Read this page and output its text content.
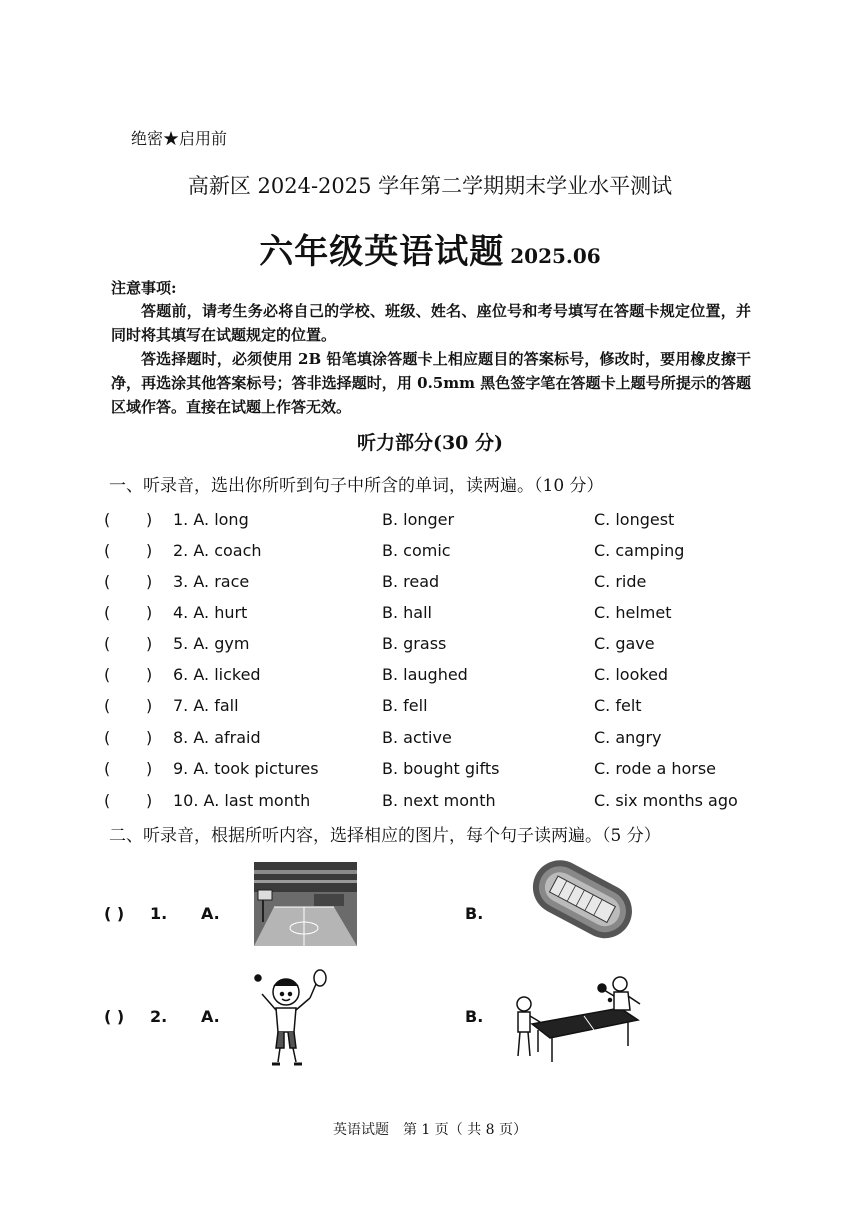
绝密★启用前
高新区 2024-2025 学年第二学期期末学业水平测试
六年级英语试题 2025.06
注意事项:

答题前，请考生务必将自己的学校、班级、姓名、座位号和考号填写在答题卡规定位置，并同时将其填写在试题规定的位置。

答选择题时，必须使用 2B 铅笔填涂答题卡上相应题目的答案标号，修改时，要用橡皮擦干净，再选涂其他答案标号；答非选择题时，用 0.5mm 黑色签字笔在答题卡上题号所提示的答题区域作答。直接在试题上作答无效。

听力部分(30 分)
一、听录音，选出你所听到句子中所含的单词，读两遍。（10 分）
( ) 1. A. long	B. longer	C. longest
( ) 2. A. coach	B. comic	C. camping
( ) 3. A. race	B. read	C. ride
( ) 4. A. hurt	B. hall	C. helmet
( ) 5. A. gym	B. grass	C. gave
( ) 6. A. licked	B. laughed	C. looked
( ) 7. A. fall	B. fell	C. felt
( ) 8. A. afraid	B. active	C. angry
( ) 9. A. took pictures	B. bought gifts	C. rode a horse
( ) 10. A. last month	B. next month	C. six months ago
二、听录音，根据所听内容，选择相应的图片，每个句子读两遍。（5 分）
( ) 1. A.	B.
( ) 2. A.	B.
英语试题　第 1 页（ 共 8 页）
